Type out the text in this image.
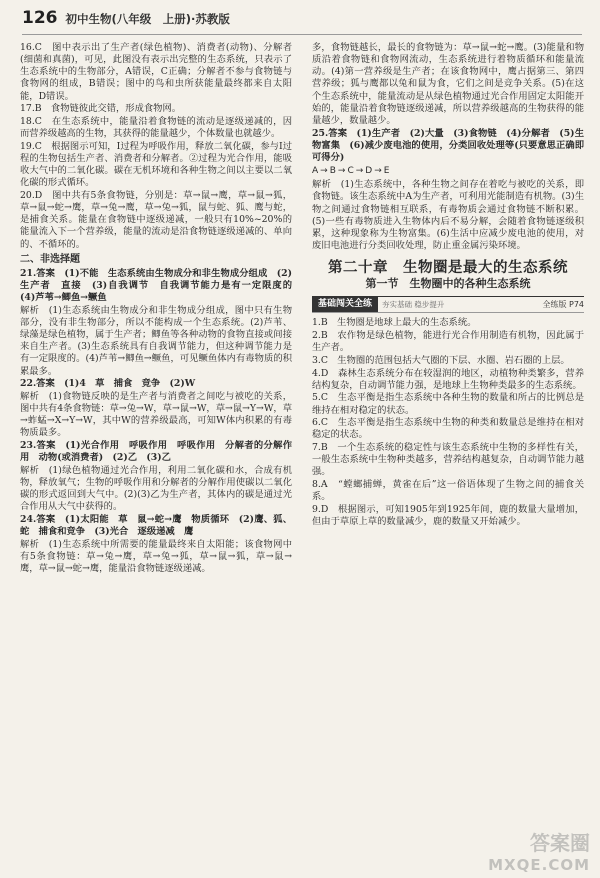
126 初中生物(八年级　上册)·苏教版

16.C　图中表示出了生产者(绿色植物)、消费者(动物)、分解者(细菌和真菌)，可见，此图没有表示出完整的生态系统，只表示了生态系统中的生物部分，A错误，C正确；分解者不参与食物链与食物网的组成，B错误；图中的鸟和虫所获能量最终都来自太阳能，D错误。

17.B　食物链彼此交错，形成食物网。

18.C　在生态系统中，能量沿着食物链的流动是逐级递减的，因而营养级越高的生物，其获得的能量越少，个体数量也就越少。

19.C　根据图示可知，Ⅰ过程为呼吸作用，释放二氧化碳，参与Ⅰ过程的生物包括生产者、消费者和分解者。②过程为光合作用，能吸收大气中的二氧化碳。碳在无机环境和各种生物之间以主要以二氧化碳的形式循环。

20.D　图中共有5条食物链，分别是：草→鼠→鹰，草→鼠→狐，草→鼠→蛇→鹰，草→兔→鹰，草→兔→狐，鼠与蛇、狐、鹰与蛇，是捕食关系。能量在食物链中逐级递减，一般只有10%~20%的能量流入下一个营养级，能量的流动是沿食物链逐级递减的、单向的、不循环的。

二、非选择题

21.答案　(1)不能　生态系统由生物成分和非生物成分组成　(2)生产者　直接　(3)自我调节　自我调节能力是有一定限度的　(4)芦苇→鲫鱼→鳜鱼

解析　(1)生态系统由生物成分和非生物成分组成，图中只有生物部分，没有非生物部分，所以不能构成一个生态系统。(2)芦苇、绿藻是绿色植物，属于生产者；鲫鱼等各种动物的食物直接或间接来自生产者。(3)生态系统具有自我调节能力，但这种调节能力是有一定限度的。(4)芦苇→鲫鱼→鳜鱼，可见鳜鱼体内有毒物质的积累最多。

22.答案　(1)4　草　捕食　竞争　(2)W

解析　(1)食物链反映的是生产者与消费者之间吃与被吃的关系，图中共有4条食物链：草→兔→W，草→鼠→W，草→鼠→Y→W，草→蚱蜢→X→Y→W，其中W的营养级最高，可知W体内积累的有毒物质最多。

23.答案　(1)光合作用　呼吸作用　呼吸作用　分解者的分解作用　动物(或消费者)　(2)乙　(3)乙

解析　(1)绿色植物通过光合作用，利用二氧化碳和水，合成有机物，释放氧气；生物的呼吸作用和分解者的分解作用使碳以二氧化碳的形式返回到大气中。(2)(3)乙为生产者，其体内的碳是通过光合作用从大气中获得的。

24.答案　(1)太阳能　草　鼠→蛇→鹰　物质循环　(2)鹰、狐、蛇　捕食和竞争　(3)光合　逐级递减　鹰

解析　(1)生态系统中所需要的能量最终来自太阳能；该食物网中有5条食物链：草→兔→鹰，草→兔→狐，草→鼠→狐，草→鼠→鹰，草→鼠→蛇→鹰，能量沿食物链逐级递减。

多，食物链越长，最长的食物链为：草→鼠→蛇→鹰。(3)能量和物质沿着食物链和食物网流动，生态系统进行着物质循环和能量流动。(4)第一营养级是生产者；在该食物网中，鹰占据第三、第四营养级；狐与鹰都以兔和鼠为食，它们之间是竞争关系。(5)在这个生态系统中，能量流动是从绿色植物通过光合作用固定太阳能开始的，能量沿着食物链逐级递减，所以营养级越高的生物获得的能量越少，数量越少。

25.答案　(1)生产者　(2)大量　(3)食物链　(4)分解者　(5)生物富集　(6)减少废电池的使用，分类回收处理等(只要意思正确即可得分)

A → B → C → D → E

解析　(1)生态系统中，各种生物之间存在着吃与被吃的关系，即食物链。该生态系统中A为生产者，可利用光能制造有机物。(3)生物之间通过食物链相互联系，有毒物质会通过食物链不断积累。(5)一些有毒物质进入生物体内后不易分解，会随着食物链逐级积累，这种现象称为生物富集。(6)生活中应减少废电池的使用，对废旧电池进行分类回收处理，防止重金属污染环境。

第二十章　生物圈是最大的生态系统
第一节　生物圈中的各种生态系统
基础闯关全练	夯实基础 稳步提升	全练版 P74

1.B　生物圈是地球上最大的生态系统。

2.B　农作物是绿色植物，能进行光合作用制造有机物，因此属于生产者。

3.C　生物圈的范围包括大气圈的下层、水圈、岩石圈的上层。

4.D　森林生态系统分布在较湿润的地区，动植物种类繁多，营养结构复杂，自动调节能力强，是地球上生物种类最多的生态系统。

5.C　生态平衡是指生态系统中各种生物的数量和所占的比例总是维持在相对稳定的状态。

6.C　生态平衡是指生态系统中生物的种类和数量总是维持在相对稳定的状态。

7.B　一个生态系统的稳定性与该生态系统中生物的多样性有关，一般生态系统中生物种类越多，营养结构越复杂，自动调节能力越强。

8.A　“螳螂捕蝉，黄雀在后”这一俗语体现了生物之间的捕食关系。

9.D　根据图示，可知1905年到1925年间，鹿的数量大量增加，但由于草原上草的数量减少，鹿的数量又开始减少。

答案圈
MXQE.COM
